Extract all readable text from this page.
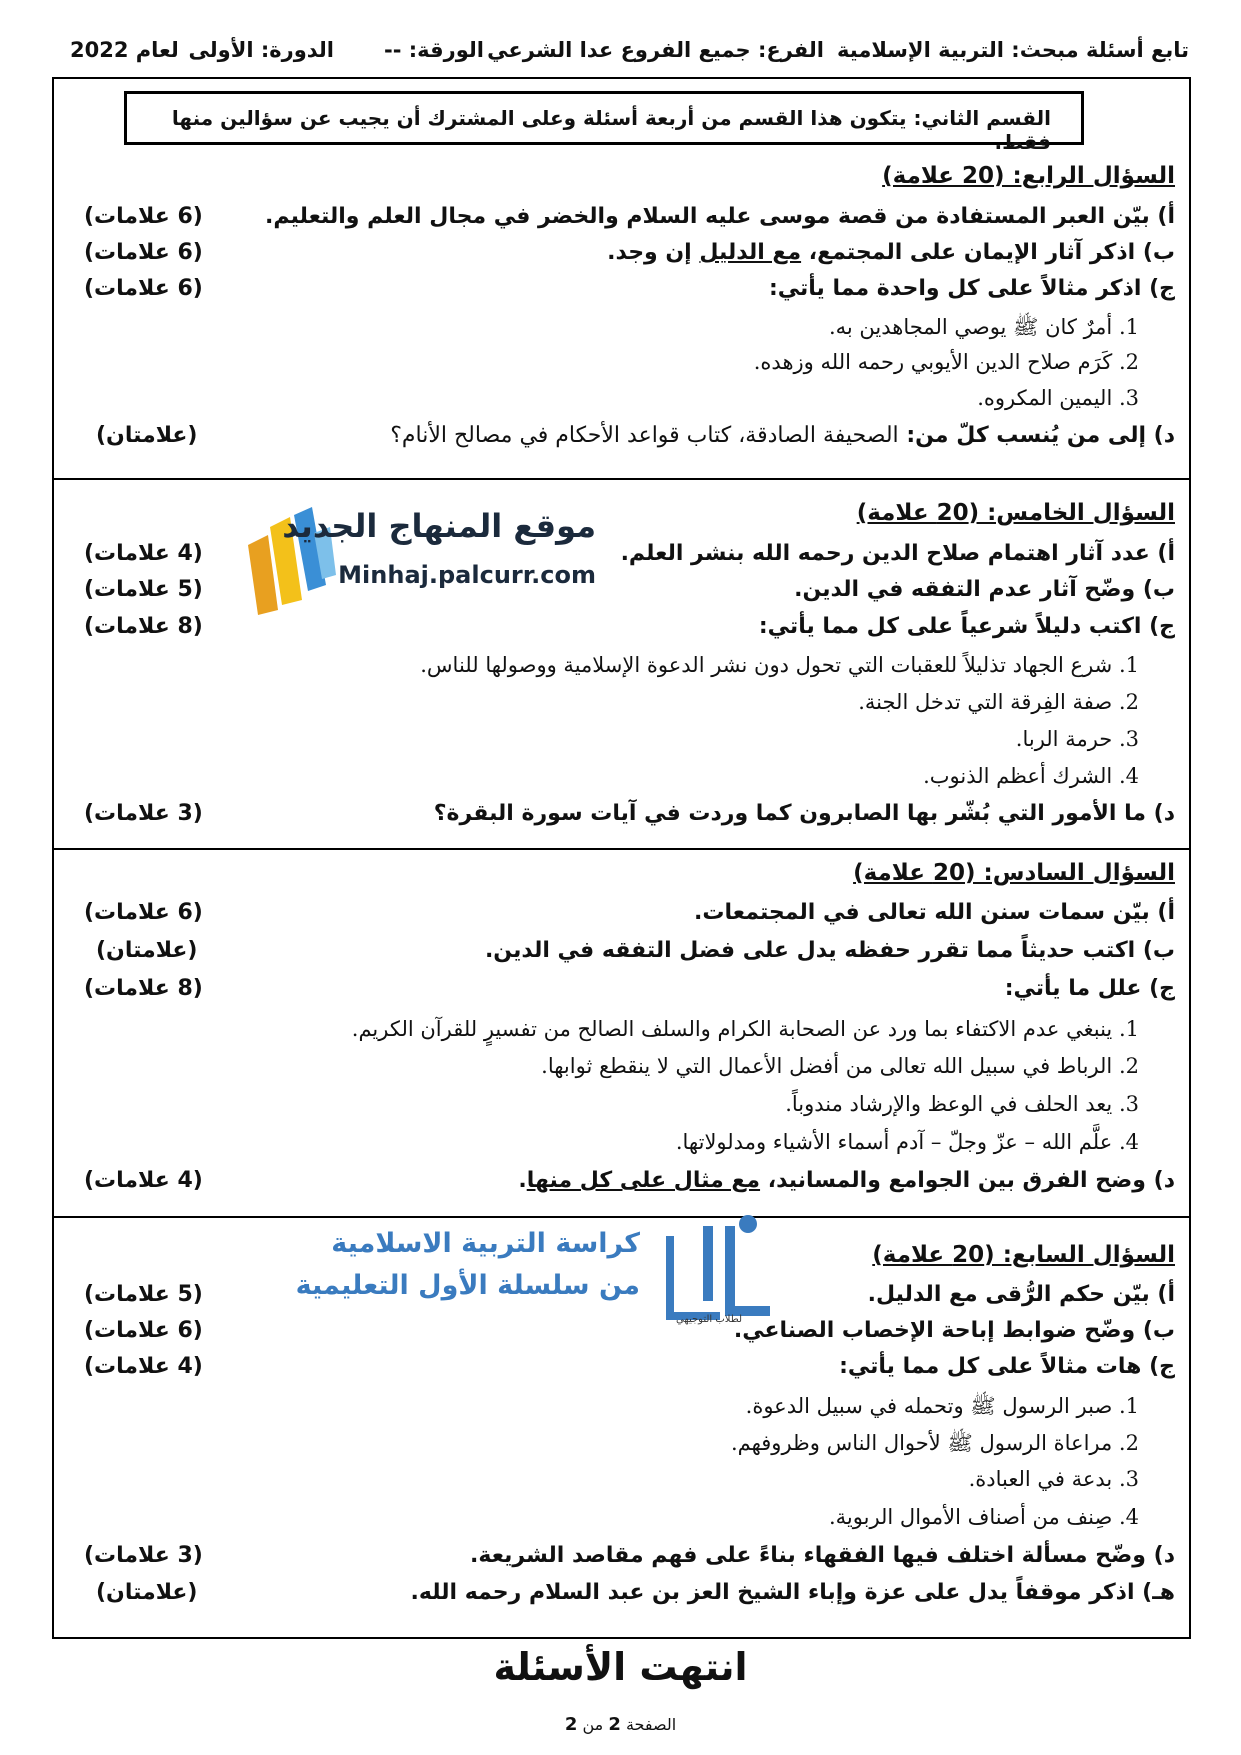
تابع أسئلة مبحث: التربية الإسلامية
الفرع: جميع الفروع عدا الشرعي
الورقة: --
الدورة: الأولى
لعام 2022
القسم الثاني: يتكون هذا القسم من أربعة أسئلة وعلى المشترك أن يجيب عن سؤالين منها فقط.
السؤال الرابع: (20 علامة)
أ) بيّن العبر المستفادة من قصة موسى عليه السلام والخضر في مجال العلم والتعليم.
(6 علامات)
ب) اذكر آثار الإيمان على المجتمع، مع الدليل إن وجد.
(6 علامات)
ج) اذكر مثالاً على كل واحدة مما يأتي:
(6 علامات)
1. أمرٌ كان ﷺ يوصي المجاهدين به.
2. كَرَم صلاح الدين الأيوبي رحمه الله وزهده.
3. اليمين المكروه.
د) إلى من يُنسب كلّ من: الصحيفة الصادقة، كتاب قواعد الأحكام في مصالح الأنام؟
(علامتان)
السؤال الخامس: (20 علامة)
أ) عدد آثار اهتمام صلاح الدين رحمه الله بنشر العلم.
(4 علامات)
ب) وضّح آثار عدم التفقه في الدين.
(5 علامات)
ج) اكتب دليلاً شرعياً على كل مما يأتي:
(8 علامات)
1. شرع الجهاد تذليلاً للعقبات التي تحول دون نشر الدعوة الإسلامية ووصولها للناس.
2. صفة الفِرقة التي تدخل الجنة.
3. حرمة الربا.
4. الشرك أعظم الذنوب.
د) ما الأمور التي بُشّر بها الصابرون كما وردت في آيات سورة البقرة؟
(3 علامات)
السؤال السادس: (20 علامة)
أ) بيّن سمات سنن الله تعالى في المجتمعات.
(6 علامات)
ب) اكتب حديثاً مما تقرر حفظه يدل على فضل التفقه في الدين.
(علامتان)
ج) علل ما يأتي:
(8 علامات)
1. ينبغي عدم الاكتفاء بما ورد عن الصحابة الكرام والسلف الصالح من تفسيرٍ للقرآن الكريم.
2. الرباط في سبيل الله تعالى من أفضل الأعمال التي لا ينقطع ثوابها.
3. يعد الحلف في الوعظ والإرشاد مندوباً.
4. علَّم الله – عزّ وجلّ – آدم أسماء الأشياء ومدلولاتها.
د) وضح الفرق بين الجوامع والمسانيد، مع مثال على كل منها.
(4 علامات)
السؤال السابع: (20 علامة)
أ) بيّن حكم الرُّقى مع الدليل.
(5 علامات)
ب) وضّح ضوابط إباحة الإخصاب الصناعي.
(6 علامات)
ج) هات مثالاً على كل مما يأتي:
(4 علامات)
1. صبر الرسول ﷺ وتحمله في سبيل الدعوة.
2. مراعاة الرسول ﷺ لأحوال الناس وظروفهم.
3. بدعة في العبادة.
4. صِنف من أصناف الأموال الربوية.
د) وضّح مسألة اختلف فيها الفقهاء بناءً على فهم مقاصد الشريعة.
(3 علامات)
هـ) اذكر موقفاً يدل على عزة وإباء الشيخ العز بن عبد السلام رحمه الله.
(علامتان)
موقع المنهاج الجديد
Minhaj.palcurr.com
كراسة التربية الاسلامية
من سلسلة الأول التعليمية
لطلاب التوجيهي
انتهت الأسئلة
الصفحة 2 من 2
